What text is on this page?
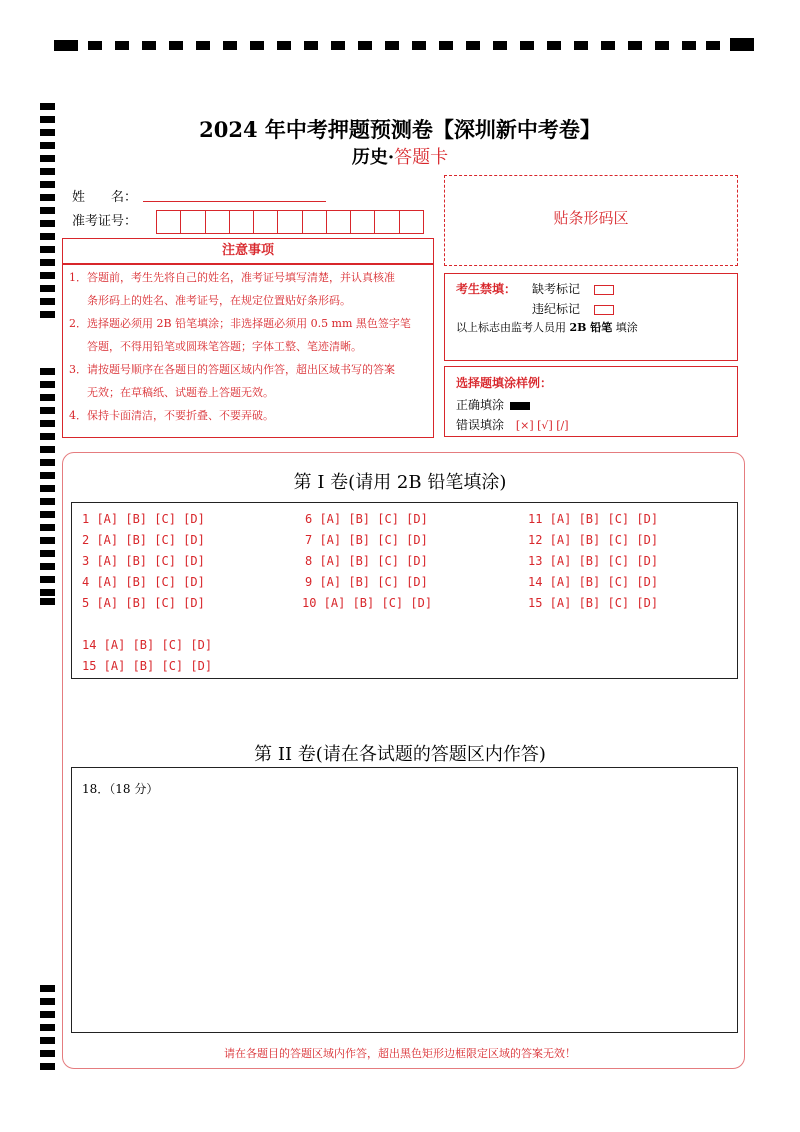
2024 年中考押题预测卷【深圳新中考卷】
历史·答题卡
姓　　名：
准考证号：	贴条形码区
注意事项

1．答题前，考生先将自己的姓名，准考证号填写清楚，并认真核准

条形码上的姓名、准考证号，在规定位置贴好条形码。

2．选择题必须用 2B 铅笔填涂；非选择题必须用 0.5 mm 黑色签字笔

答题，不得用铅笔或圆珠笔答题；字体工整、笔迹清晰。

3．请按题号顺序在各题目的答题区域内作答，超出区域书写的答案

无效；在草稿纸、试题卷上答题无效。

4．保持卡面清洁，不要折叠、不要弄破。

考生禁填： 缺考标记
违纪标记
以上标志由监考人员用 2B 铅笔 填涂
选择题填涂样例：
正确填涂
错误填涂 [×] [√] [/]
第 I 卷(请用 2B 铅笔填涂)
1 [A] [B] [C] [D]
2 [A] [B] [C] [D]
3 [A] [B] [C] [D]
4 [A] [B] [C] [D]
5 [A] [B] [C] [D]
6 [A] [B] [C] [D]
7 [A] [B] [C] [D]
8 [A] [B] [C] [D]
9 [A] [B] [C] [D]
10 [A] [B] [C] [D]
11 [A] [B] [C] [D]
12 [A] [B] [C] [D]
13 [A] [B] [C] [D]
14 [A] [B] [C] [D]
15 [A] [B] [C] [D]
14 [A] [B] [C] [D]
15 [A] [B] [C] [D]
第 II 卷(请在各试题的答题区内作答)
18．（18 分）
请在各题目的答题区域内作答，超出黑色矩形边框限定区域的答案无效！
